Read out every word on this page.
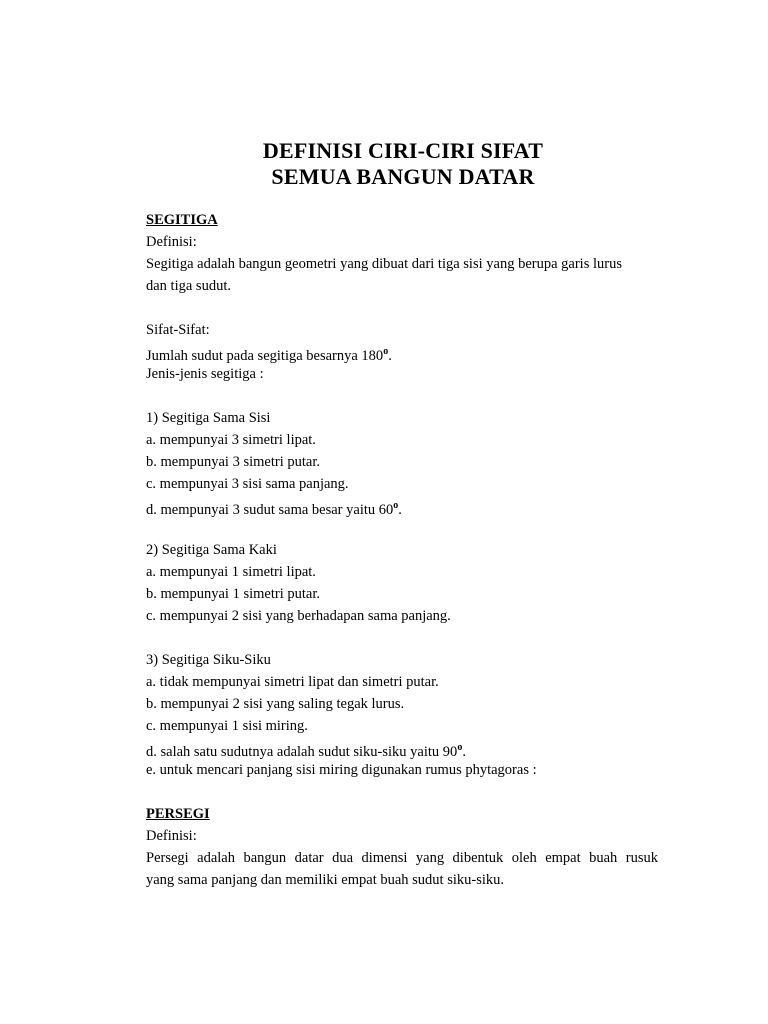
DEFINISI CIRI-CIRI SIFAT
SEMUA BANGUN DATAR
SEGITIGA
Definisi:
Segitiga adalah bangun geometri yang dibuat dari tiga sisi yang berupa garis lurus
dan tiga sudut.
Sifat-Sifat:
Jumlah sudut pada segitiga besarnya 180$^o$.
Jenis-jenis segitiga :
1) Segitiga Sama Sisi
a. mempunyai 3 simetri lipat.
b. mempunyai 3 simetri putar.
c. mempunyai 3 sisi sama panjang.
d. mempunyai 3 sudut sama besar yaitu 60$^o$.
2) Segitiga Sama Kaki
a. mempunyai 1 simetri lipat.
b. mempunyai 1 simetri putar.
c. mempunyai 2 sisi yang berhadapan sama panjang.
3) Segitiga Siku-Siku
a. tidak mempunyai simetri lipat dan simetri putar.
b. mempunyai 2 sisi yang saling tegak lurus.
c. mempunyai 1 sisi miring.
d. salah satu sudutnya adalah sudut siku-siku yaitu 90$^o$.
e. untuk mencari panjang sisi miring digunakan rumus phytagoras :
PERSEGI
Definisi:
Persegi adalah bangun datar dua dimensi yang dibentuk oleh empat buah rusuk
yang sama panjang dan memiliki empat buah sudut siku-siku.
